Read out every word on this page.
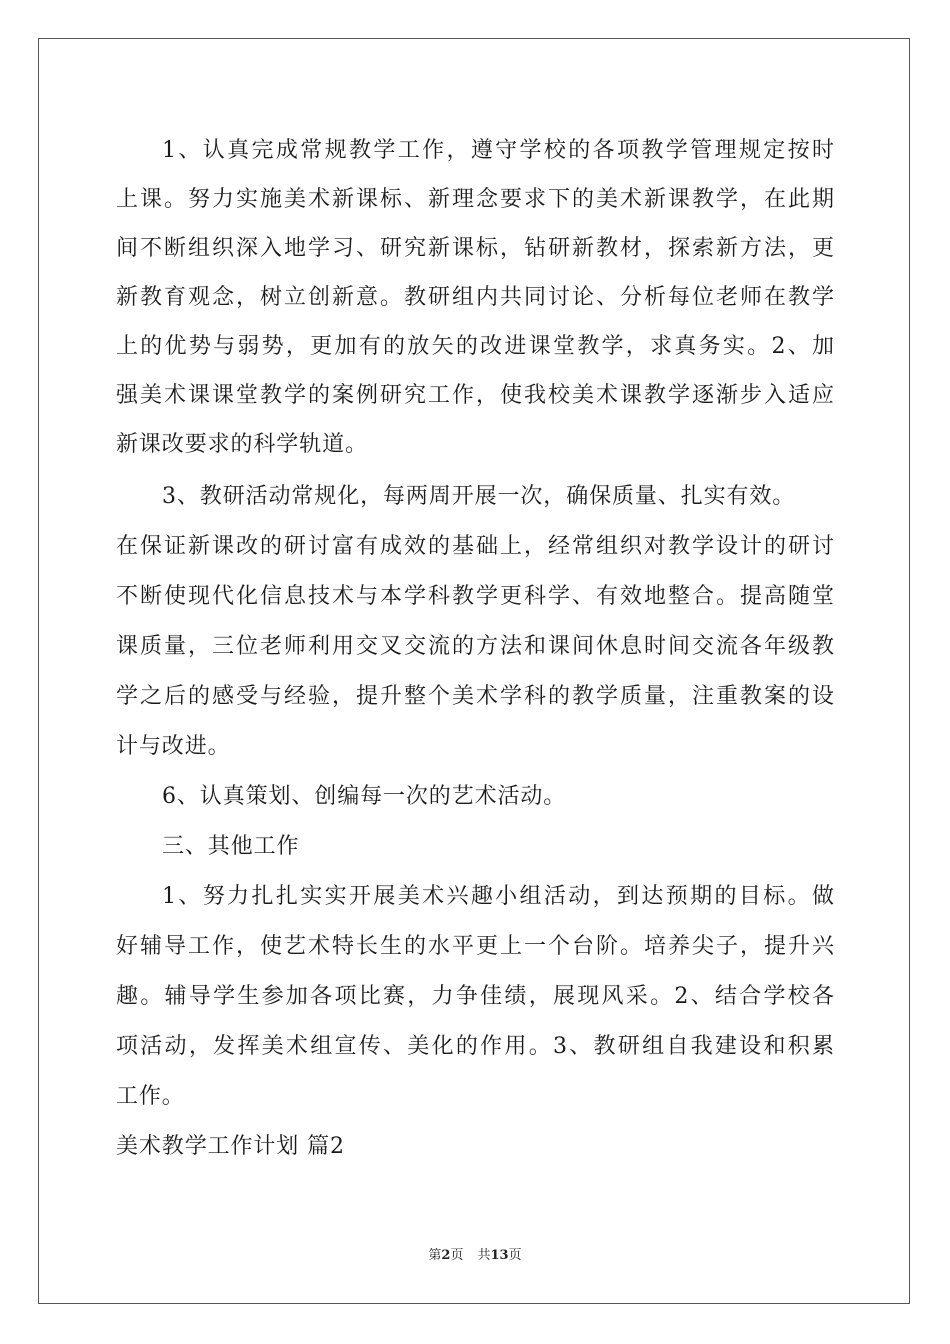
1、认真完成常规教学工作，遵守学校的各项教学管理规定按时
上课。努力实施美术新课标、新理念要求下的美术新课教学，在此期
间不断组织深入地学习、研究新课标，钻研新教材，探索新方法，更
新教育观念，树立创新意。教研组内共同讨论、分析每位老师在教学
上的优势与弱势，更加有的放矢的改进课堂教学，求真务实。2、加
强美术课课堂教学的案例研究工作，使我校美术课教学逐渐步入适应
新课改要求的科学轨道。
3、教研活动常规化，每两周开展一次，确保质量、扎实有效。
在保证新课改的研讨富有成效的基础上，经常组织对教学设计的研讨
不断使现代化信息技术与本学科教学更科学、有效地整合。提高随堂
课质量，三位老师利用交叉交流的方法和课间休息时间交流各年级教
学之后的感受与经验，提升整个美术学科的教学质量，注重教案的设
计与改进。
6、认真策划、创编每一次的艺术活动。
三、其他工作
1、努力扎扎实实开展美术兴趣小组活动，到达预期的目标。做
好辅导工作，使艺术特长生的水平更上一个台阶。培养尖子，提升兴
趣。辅导学生参加各项比赛，力争佳绩，展现风采。2、结合学校各
项活动，发挥美术组宣传、美化的作用。3、教研组自我建设和积累
工作。
美术教学工作计划 篇2
第2页 共13页
